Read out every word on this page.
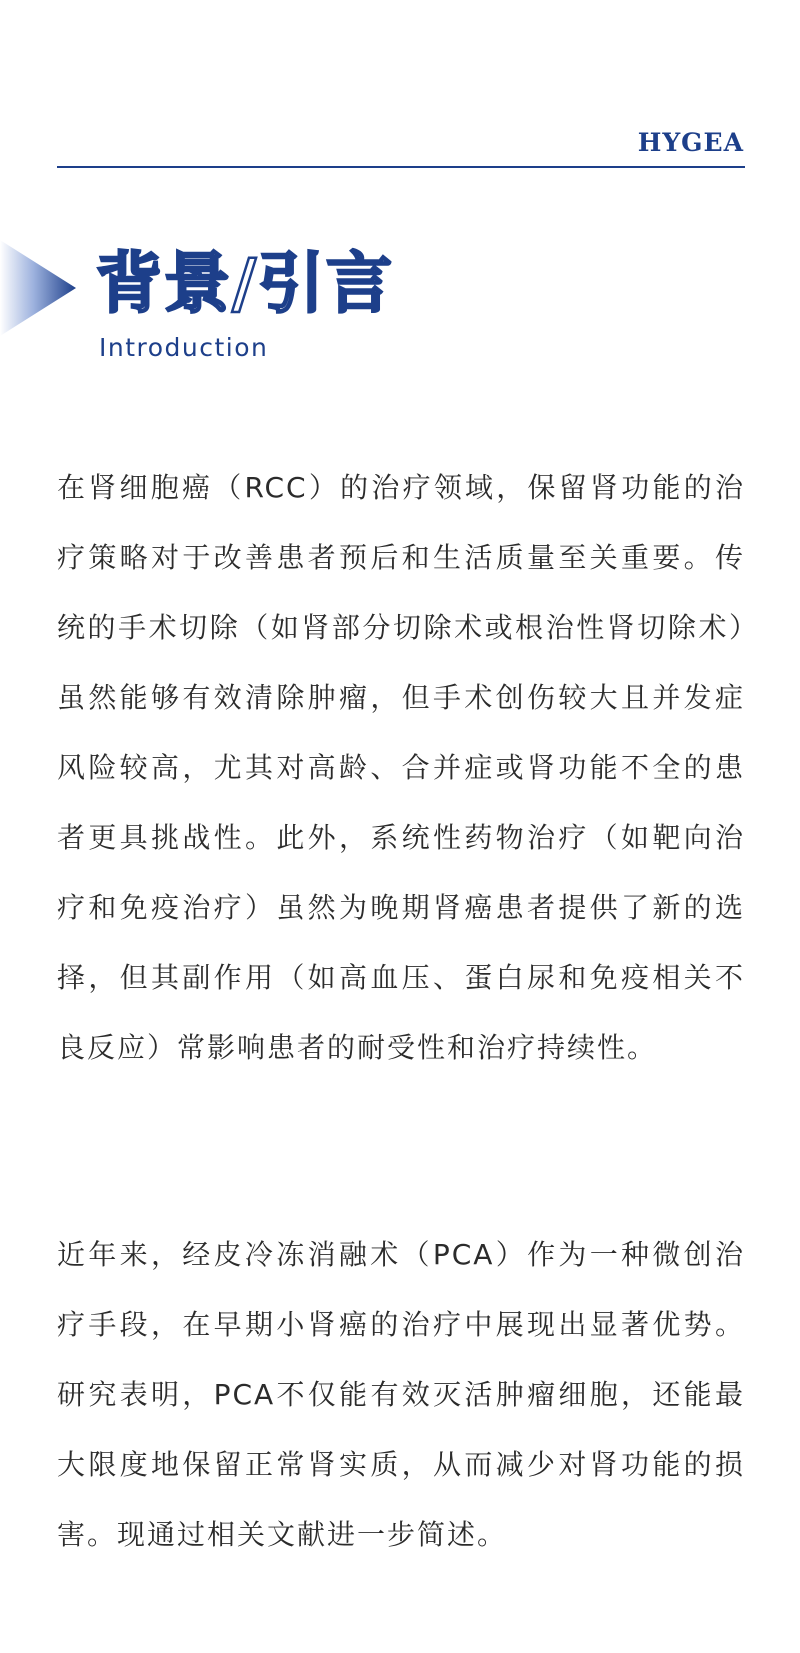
HYGEA
背景/引言
Introduction

在肾细胞癌（RCC）的治疗领域，保留肾功能的治疗策略对于改善患者预后和生活质量至关重要。传统的手术切除（如肾部分切除术或根治性肾切除术）虽然能够有效清除肿瘤，但手术创伤较大且并发症风险较高，尤其对高龄、合并症或肾功能不全的患者更具挑战性。此外，系统性药物治疗（如靶向治疗和免疫治疗）虽然为晚期肾癌患者提供了新的选择，但其副作用（如高血压、蛋白尿和免疫相关不良反应）常影响患者的耐受性和治疗持续性。

近年来，经皮冷冻消融术（PCA）作为一种微创治疗手段，在早期小肾癌的治疗中展现出显著优势。研究表明，PCA不仅能有效灭活肿瘤细胞，还能最大限度地保留正常肾实质，从而减少对肾功能的损害。现通过相关文献进一步简述。
